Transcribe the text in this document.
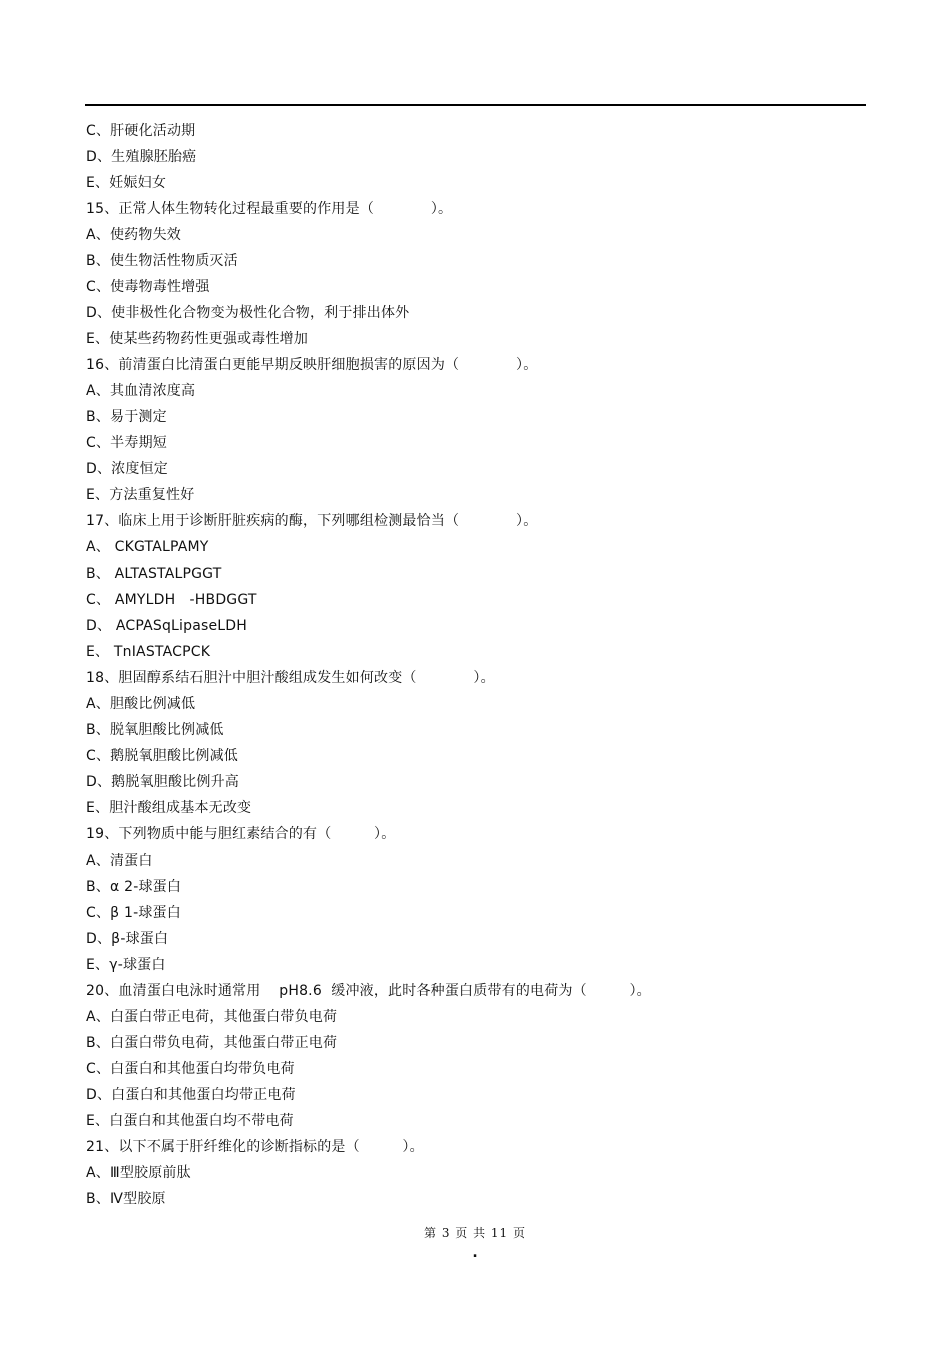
C、肝硬化活动期
D、生殖腺胚胎癌
E、妊娠妇女
15、正常人体生物转化过程最重要的作用是（　　　　）。
A、使药物失效
B、使生物活性物质灭活
C、使毒物毒性增强
D、使非极性化合物变为极性化合物，利于排出体外
E、使某些药物药性更强或毒性增加
16、前清蛋白比清蛋白更能早期反映肝细胞损害的原因为（　　　　）。
A、其血清浓度高
B、易于测定
C、半寿期短
D、浓度恒定
E、方法重复性好
17、临床上用于诊断肝脏疾病的酶，下列哪组检测最恰当（　　　　）。
A、 CKGTALPAMY
B、 ALTASTALPGGT
C、 AMYLDH　-HBDGGT
D、 ACPASqLipaseLDH
E、 TnIASTACPCK
18、胆固醇系结石胆汁中胆汁酸组成发生如何改变（　　　　）。
A、胆酸比例减低
B、脱氧胆酸比例减低
C、鹅脱氧胆酸比例减低
D、鹅脱氧胆酸比例升高
E、胆汁酸组成基本无改变
19、下列物质中能与胆红素结合的有（　　　）。
A、清蛋白
B、α 2-球蛋白
C、β 1-球蛋白
D、β-球蛋白
E、γ-球蛋白
20、血清蛋白电泳时通常用　 pH8.6  缓冲液，此时各种蛋白质带有的电荷为（　　　）。
A、白蛋白带正电荷，其他蛋白带负电荷
B、白蛋白带负电荷，其他蛋白带正电荷
C、白蛋白和其他蛋白均带负电荷
D、白蛋白和其他蛋白均带正电荷
E、白蛋白和其他蛋白均不带电荷
21、以下不属于肝纤维化的诊断指标的是（　　　）。
A、Ⅲ型胶原前肽
B、Ⅳ型胶原
第 3 页 共 11 页
.
